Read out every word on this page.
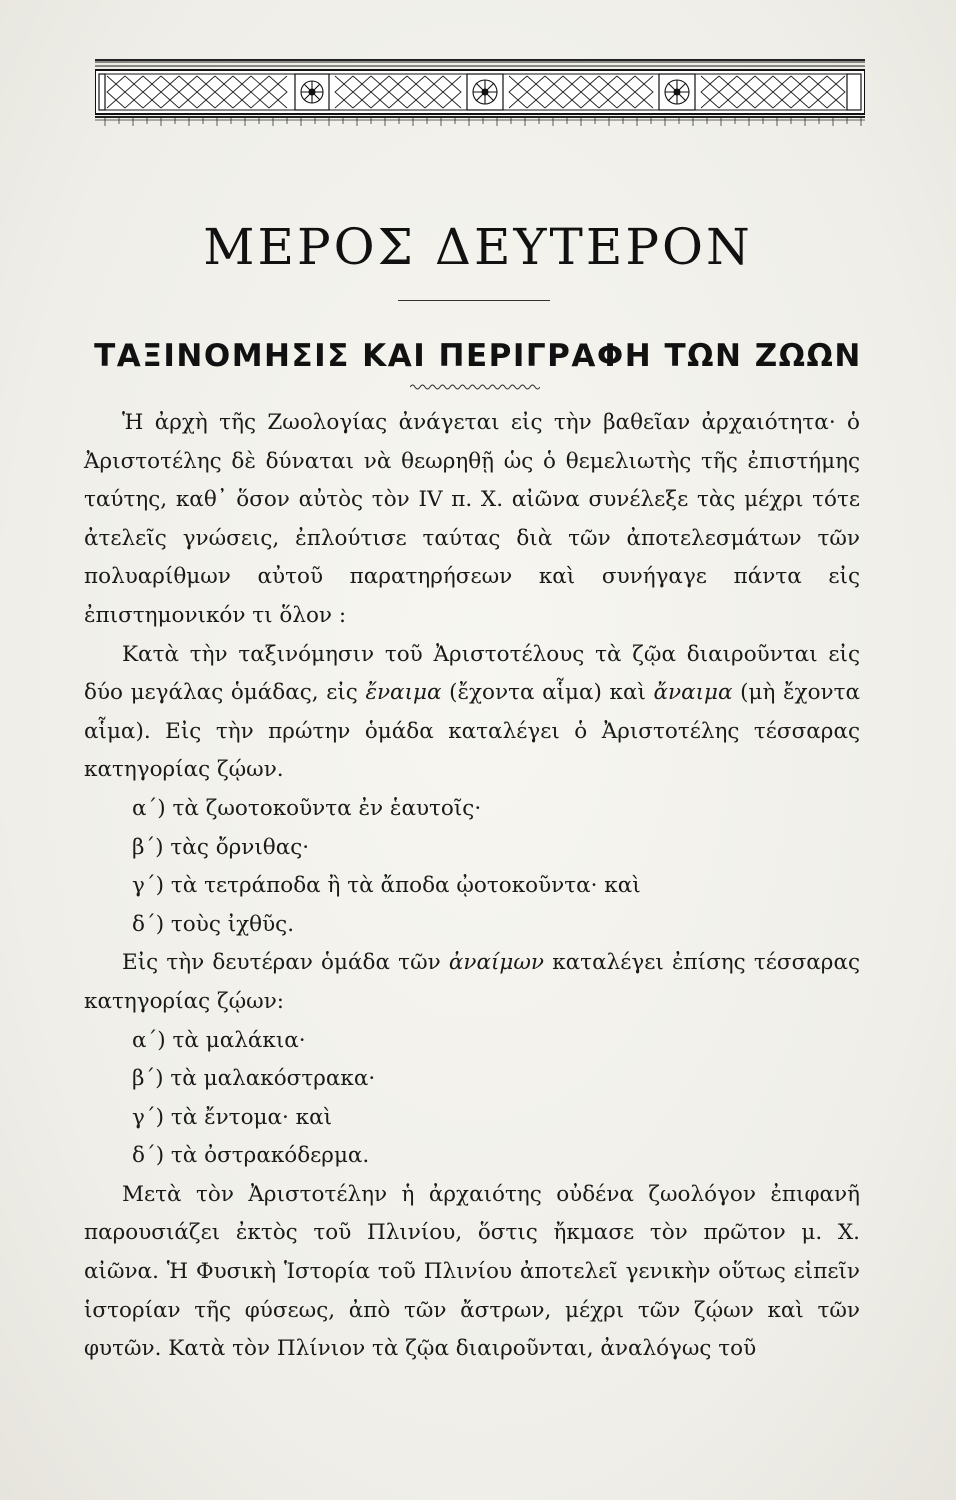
ΜΕΡΟΣ ΔΕΥΤΕΡΟΝ
ΤΑΞΙΝΟΜΗΣΙΣ ΚΑΙ ΠΕΡΙΓΡΑΦΗ ΤΩΝ ΖΩΩΝ

Ἡ ἀρχὴ τῆς Ζωολογίας ἀνάγεται εἰς τὴν βαθεῖαν ἀρχαιότητα· ὁ Ἀριστοτέλης δὲ δύναται νὰ θεωρηθῇ ὡς ὁ θεμελιωτὴς τῆς ἐπιστήμης ταύτης, καθ᾽ ὅσον αὐτὸς τὸν IV π. Χ. αἰῶνα συνέλεξε τὰς μέχρι τότε ἀτελεῖς γνώσεις, ἐπλούτισε ταύτας διὰ τῶν ἀποτελεσμάτων τῶν πολυαρίθμων αὐτοῦ παρατηρήσεων καὶ συνήγαγε πάντα εἰς ἐπιστημονικόν τι ὅλον :

Κατὰ τὴν ταξινόμησιν τοῦ Ἀριστοτέλους τὰ ζῷα διαιροῦνται εἰς δύο μεγάλας ὁμάδας, εἰς ἔναιμα (ἔχοντα αἷμα) καὶ ἄναιμα (μὴ ἔχοντα αἷμα). Εἰς τὴν πρώτην ὁμάδα καταλέγει ὁ Ἀριστοτέλης τέσσαρας κατηγορίας ζῴων.

α΄) τὰ ζωοτοκοῦντα ἐν ἑαυτοῖς·

β΄) τὰς ὄρνιθας·

γ΄) τὰ τετράποδα ἢ τὰ ἄποδα ᾠοτοκοῦντα· καὶ

δ΄) τοὺς ἰχθῦς.

Εἰς τὴν δευτέραν ὁμάδα τῶν ἀναίμων καταλέγει ἐπίσης τέσσαρας κατηγορίας ζῴων:

α΄) τὰ μαλάκια·

β΄) τὰ μαλακόστρακα·

γ΄) τὰ ἔντομα· καὶ

δ΄) τὰ ὀστρακόδερμα.

Μετὰ τὸν Ἀριστοτέλην ἡ ἀρχαιότης οὐδένα ζωολόγον ἐπιφανῆ παρουσιάζει ἐκτὸς τοῦ Πλινίου, ὅστις ἤκμασε τὸν πρῶτον μ. Χ. αἰῶνα. Ἡ Φυσικὴ Ἱστορία τοῦ Πλινίου ἀποτελεῖ γενικὴν οὕτως εἰπεῖν ἱστορίαν τῆς φύσεως, ἀπὸ τῶν ἄστρων, μέχρι τῶν ζῴων καὶ τῶν φυτῶν. Κατὰ τὸν Πλίνιον τὰ ζῷα διαιροῦνται, ἀναλόγως τοῦ
